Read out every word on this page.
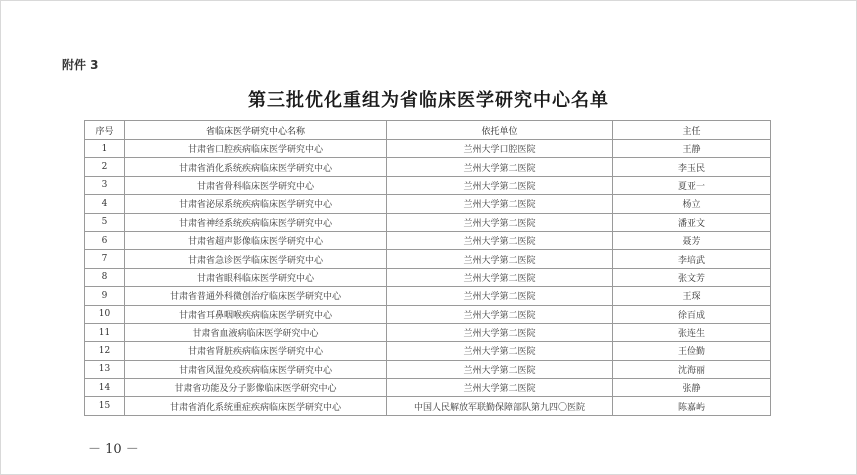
附件 3
第三批优化重组为省临床医学研究中心名单
序号	省临床医学研究中心名称	依托单位	主任
1	甘肃省口腔疾病临床医学研究中心	兰州大学口腔医院	王静
2	甘肃省消化系统疾病临床医学研究中心	兰州大学第二医院	李玉民
3	甘肃省骨科临床医学研究中心	兰州大学第二医院	夏亚一
4	甘肃省泌尿系统疾病临床医学研究中心	兰州大学第二医院	杨立
5	甘肃省神经系统疾病临床医学研究中心	兰州大学第二医院	潘亚文
6	甘肃省超声影像临床医学研究中心	兰州大学第二医院	聂芳
7	甘肃省急诊医学临床医学研究中心	兰州大学第二医院	李培武
8	甘肃省眼科临床医学研究中心	兰州大学第二医院	张文芳
9	甘肃省普通外科微创治疗临床医学研究中心	兰州大学第二医院	王琛
10	甘肃省耳鼻咽喉疾病临床医学研究中心	兰州大学第二医院	徐百成
11	甘肃省血液病临床医学研究中心	兰州大学第二医院	张连生
12	甘肃省肾脏疾病临床医学研究中心	兰州大学第二医院	王俭勤
13	甘肃省风湿免疫疾病临床医学研究中心	兰州大学第二医院	沈海丽
14	甘肃省功能及分子影像临床医学研究中心	兰州大学第二医院	张静
15	甘肃省消化系统重症疾病临床医学研究中心	中国人民解放军联勤保障部队第九四〇医院	陈嘉屿
－ 10 －
